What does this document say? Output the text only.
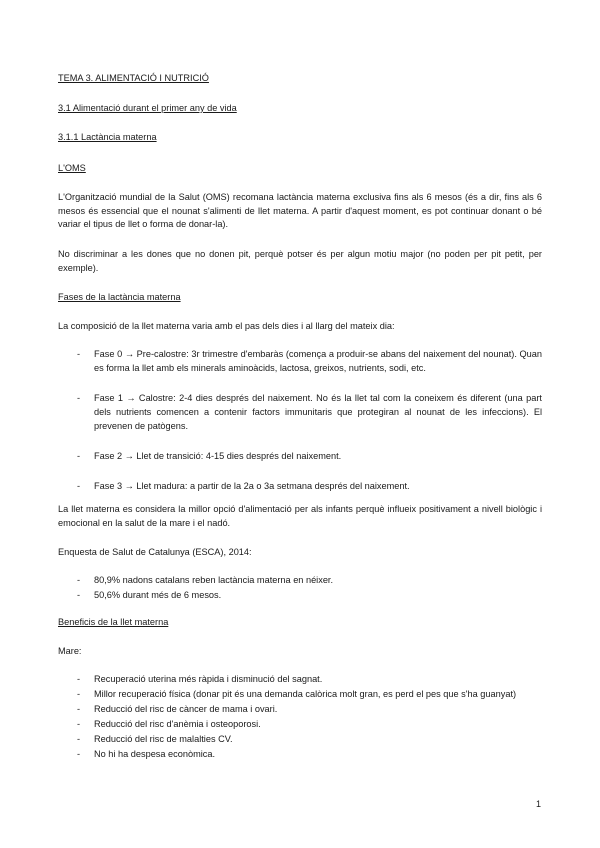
TEMA 3. ALIMENTACIÓ I NUTRICIÓ
3.1 Alimentació durant el primer any de vida
3.1.1 Lactància materna
L'OMS
L'Organització mundial de la Salut (OMS) recomana lactància materna exclusiva fins als 6 mesos (és a dir, fins als 6 mesos és essencial que el nounat s'alimenti de llet materna. A partir d'aquest moment, es pot continuar donant o bé variar el tipus de llet o forma de donar-la).
No discriminar a les dones que no donen pit, perquè potser és per algun motiu major (no poden per pit petit, per exemple).
Fases de la lactància materna
La composició de la llet materna varia amb el pas dels dies i al llarg del mateix dia:
- Fase 0 → Pre-calostre: 3r trimestre d'embaràs (comença a produir-se abans del naixement del nounat). Quan es forma la llet amb els minerals aminoàcids, lactosa, greixos, nutrients, sodi, etc.
- Fase 1 → Calostre: 2-4 dies després del naixement. No és la llet tal com la coneixem és diferent (una part dels nutrients comencen a contenir factors immunitaris que protegiran al nounat de les infeccions). El prevenen de patògens.
- Fase 2 → Llet de transició: 4-15 dies després del naixement.
- Fase 3 → Llet madura: a partir de la 2a o 3a setmana després del naixement.
La llet materna es considera la millor opció d'alimentació per als infants perquè influeix positivament a nivell biològic i emocional en la salut de la mare i el nadó.
Enquesta de Salut de Catalunya (ESCA), 2014:
- 80,9% nadons catalans reben lactància materna en néixer.
- 50,6% durant més de 6 mesos.
Beneficis de la llet materna
Mare:
- Recuperació uterina més ràpida i disminució del sagnat.
- Millor recuperació física (donar pit és una demanda calòrica molt gran, es perd el pes que s'ha guanyat)
- Reducció del risc de càncer de mama i ovari.
- Reducció del risc d'anèmia i osteoporosi.
- Reducció del risc de malalties CV.
- No hi ha despesa econòmica.
1
